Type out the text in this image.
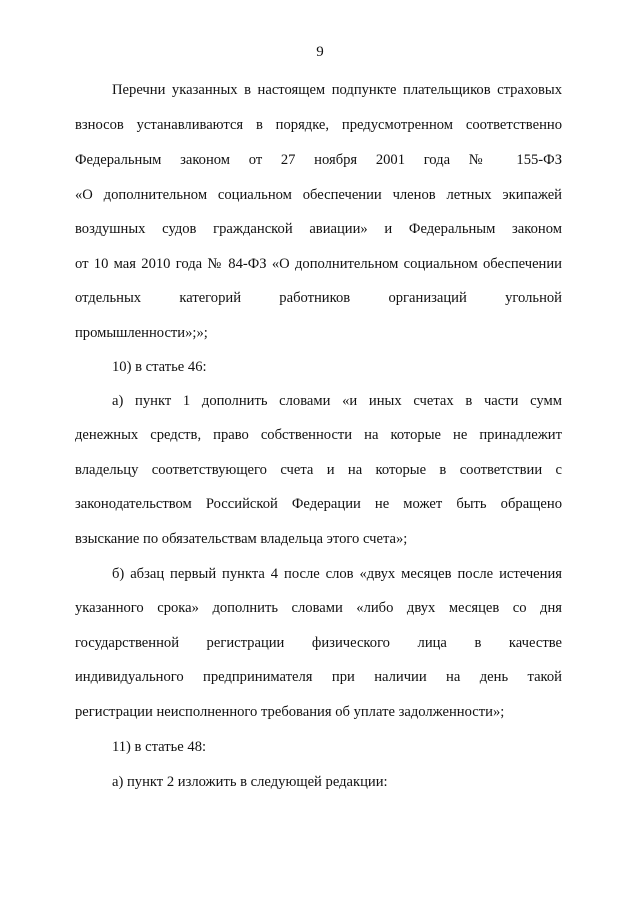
9
Перечни указанных в настоящем подпункте плательщиков страховых
взносов устанавливаются в порядке, предусмотренном соответственно
Федеральным законом от 27 ноября 2001 года № 155-ФЗ
«О дополнительном социальном обеспечении членов летных экипажей
воздушных судов гражданской авиации» и Федеральным законом
от 10 мая 2010 года № 84-ФЗ «О дополнительном социальном обеспечении
отдельных категорий работников организаций угольной
промышленности»;»;
10) в статье 46:
а) пункт 1 дополнить словами «и иных счетах в части сумм
денежных средств, право собственности на которые не принадлежит
владельцу соответствующего счета и на которые в соответствии с
законодательством Российской Федерации не может быть обращено
взыскание по обязательствам владельца этого счета»;
б) абзац первый пункта 4 после слов «двух месяцев после истечения
указанного срока» дополнить словами «либо двух месяцев со дня
государственной регистрации физического лица в качестве
индивидуального предпринимателя при наличии на день такой
регистрации неисполненного требования об уплате задолженности»;
11) в статье 48:
а) пункт 2 изложить в следующей редакции:
